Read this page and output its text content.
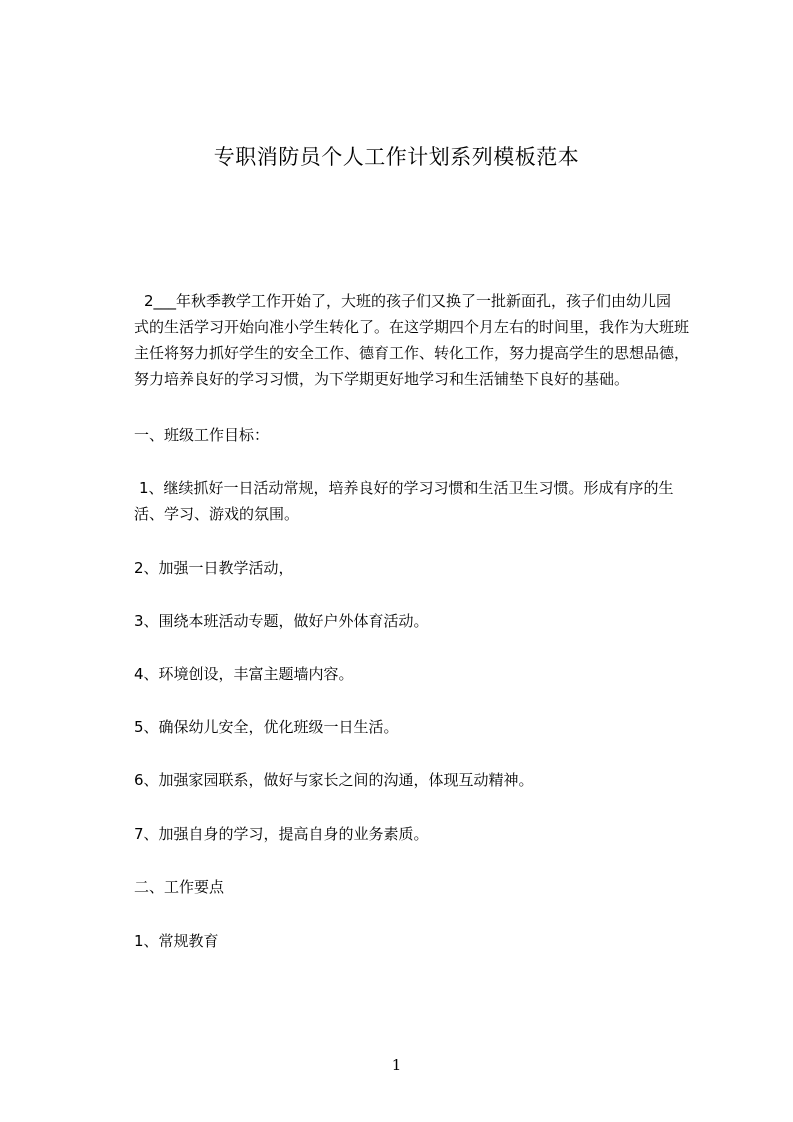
专职消防员个人工作计划系列模板范本
2___年秋季教学工作开始了，大班的孩子们又换了一批新面孔，孩子们由幼儿园
式的生活学习开始向准小学生转化了。在这学期四个月左右的时间里，我作为大班班
主任将努力抓好学生的安全工作、德育工作、转化工作，努力提高学生的思想品德，
努力培养良好的学习习惯，为下学期更好地学习和生活铺垫下良好的基础。

一、班级工作目标：

1、继续抓好一日活动常规，培养良好的学习习惯和生活卫生习惯。形成有序的生
活、学习、游戏的氛围。

2、加强一日教学活动，

3、围绕本班活动专题，做好户外体育活动。

4、环境创设，丰富主题墙内容。

5、确保幼儿安全，优化班级一日生活。

6、加强家园联系，做好与家长之间的沟通，体现互动精神。

7、加强自身的学习，提高自身的业务素质。

二、工作要点

1、常规教育

1
